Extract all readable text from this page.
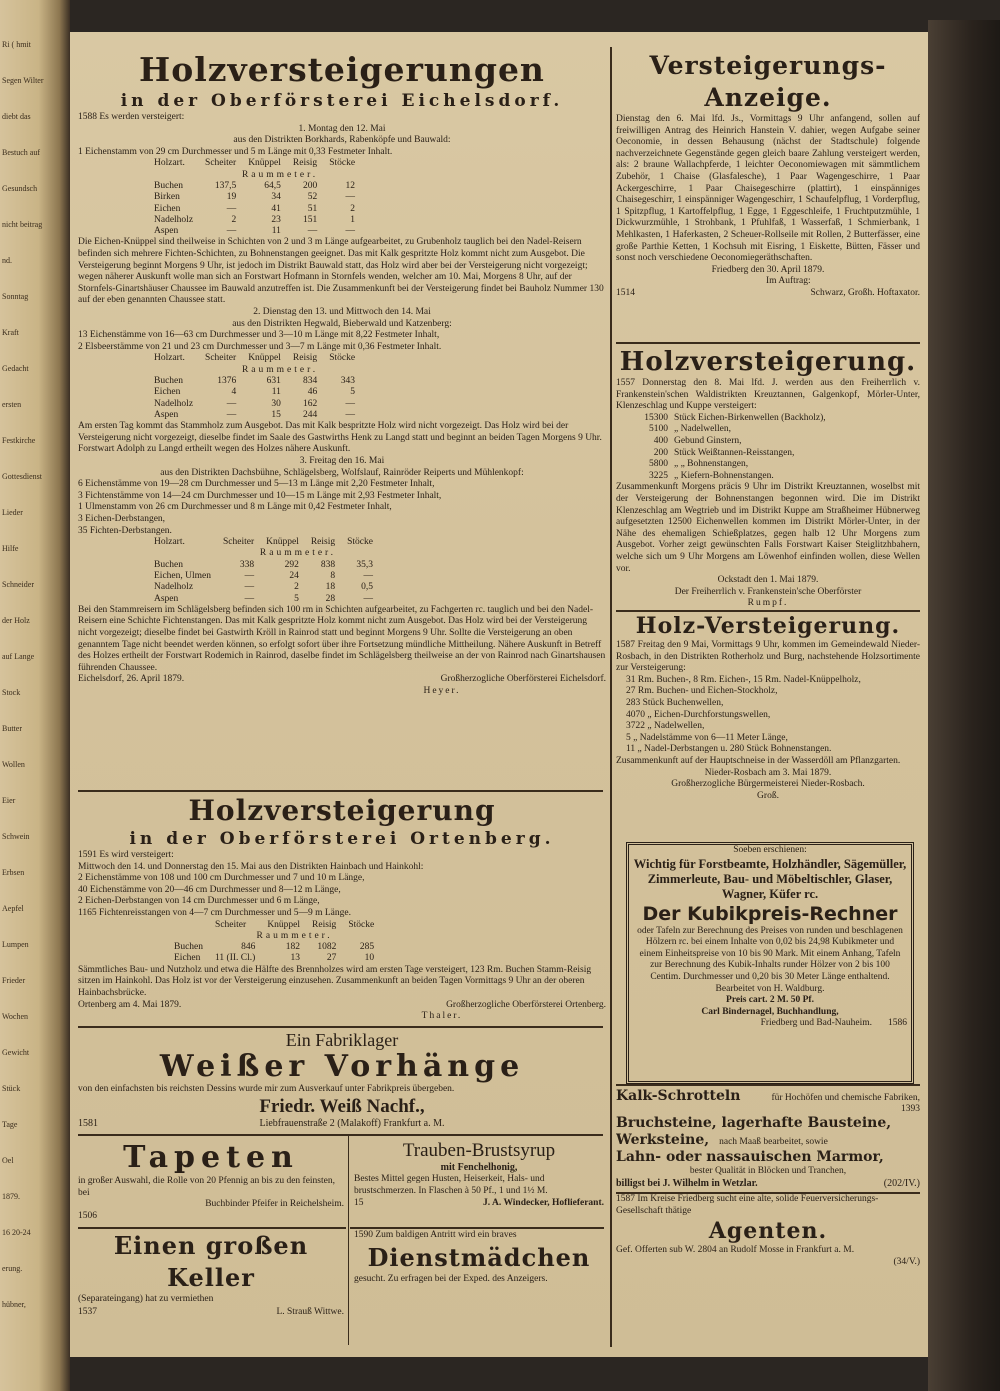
Ri ( hmit
Segen Wilter
diebt das
Bestuch auf
Gesundsch
nicht beitrag
nd.
Sonntag
Kraft
Gedacht
ersten
Festkirche
Gottesdienst
Lieder
Hilfe
Schneider
der Holz
auf Lange
Stock
Butter
Wollen
Eier
Schwein
Erbsen
Aepfel
Lumpen
Frieder
Wochen
Gewicht
Stück
Tage
Oel
1879.
16 20-24
erung.
hübner,
Holzversteigerungen
in der Oberförsterei Eichelsdorf.

1588 Es werden versteigert:

1. Montag den 12. Mai

aus den Distrikten Borkhards, Rabenköpfe und Bauwald:

1 Eichenstamm von 29 cm Durchmesser und 5 m Länge mit 0,33 Festmeter Inhalt.

Holzart.	Scheiter	Knüppel	Reisig	Stöcke
	Raummeter.			
Buchen	137,5	64,5	200	12
Birken	19	34	52	—
Eichen	—	41	51	2
Nadelholz	2	23	151	1
Aspen	—	11	—	—

Die Eichen-Knüppel sind theilweise in Schichten von 2 und 3 m Länge aufgearbeitet, zu Grubenholz tauglich bei den Nadel-Reisern befinden sich mehrere Fichten-Schichten, zu Bohnenstangen geeignet. Das mit Kalk gespritzte Holz kommt nicht zum Ausgebot. Die Versteigerung beginnt Morgens 9 Uhr, ist jedoch im Distrikt Bauwald statt, das Holz wird aber bei der Versteigerung nicht vorgezeigt; wegen näherer Auskunft wolle man sich an Forstwart Hofmann in Stornfels wenden, welcher am 10. Mai, Morgens 8 Uhr, auf der Stornfels-Ginartshäuser Chaussee im Bauwald anzutreffen ist. Die Zusammenkunft bei der Versteigerung findet bei Bauholz Nummer 130 auf der eben genannten Chaussee statt.

2. Dienstag den 13. und Mittwoch den 14. Mai

aus den Distrikten Hegwald, Bieberwald und Katzenberg:

13 Eichenstämme von 16—63 cm Durchmesser und 3—10 m Länge mit 8,22 Festmeter Inhalt,

2 Elsbeerstämme von 21 und 23 cm Durchmesser und 3—7 m Länge mit 0,36 Festmeter Inhalt.

Holzart.	Scheiter	Knüppel	Reisig	Stöcke
	Raummeter.			
Buchen	1376	631	834	343
Eichen	4	11	46	5
Nadelholz	—	30	162	—
Aspen	—	15	244	—

Am ersten Tag kommt das Stammholz zum Ausgebot. Das mit Kalk bespritzte Holz wird nicht vorgezeigt. Das Holz wird bei der Versteigerung nicht vorgezeigt, dieselbe findet im Saale des Gastwirths Henk zu Langd statt und beginnt an beiden Tagen Morgens 9 Uhr. Forstwart Adolph zu Langd ertheilt wegen des Holzes nähere Auskunft.

3. Freitag den 16. Mai

aus den Distrikten Dachsbühne, Schlägelsberg, Wolfslauf, Rainröder Reiperts und Mühlenkopf:

6 Eichenstämme von 19—28 cm Durchmesser und 5—13 m Länge mit 2,20 Festmeter Inhalt,

3 Fichtenstämme von 14—24 cm Durchmesser und 10—15 m Länge mit 2,93 Festmeter Inhalt,

1 Ulmenstamm von 26 cm Durchmesser und 8 m Länge mit 0,42 Festmeter Inhalt,

3 Eichen-Derbstangen,

35 Fichten-Derbstangen.

Holzart.	Scheiter	Knüppel	Reisig	Stöcke
	Raummeter.			
Buchen	338	292	838	35,3
Eichen, Ulmen	—	24	8	—
Nadelholz	—	2	18	0,5
Aspen	—	5	28	—

Bei den Stammreisern im Schlägelsberg befinden sich 100 rm in Schichten aufgearbeitet, zu Fachgerten rc. tauglich und bei den Nadel-Reisern eine Schichte Fichtenstangen. Das mit Kalk gespritzte Holz kommt nicht zum Ausgebot. Das Holz wird bei der Versteigerung nicht vorgezeigt; dieselbe findet bei Gastwirth Kröll in Rainrod statt und beginnt Morgens 9 Uhr. Sollte die Versteigerung an oben genanntem Tage nicht beendet werden können, so erfolgt sofort über ihre Fortsetzung mündliche Mittheilung. Nähere Auskunft in Betreff des Holzes ertheilt der Forstwart Rodemich in Rainrod, daselbe findet im Schlägelsberg theilweise an der von Rainrod nach Ginartshausen führenden Chaussee.

Eichelsdorf, 26. April 1879.	Großherzogliche Oberförsterei Eichelsdorf.

Heyer.

Holzversteigerung
in der Oberförsterei Ortenberg.

1591 Es wird versteigert:

Mittwoch den 14. und Donnerstag den 15. Mai aus den Distrikten Hainbach und Hainkohl:

2 Eichenstämme von 108 und 100 cm Durchmesser und 7 und 10 m Länge,

40 Eichenstämme von 20—46 cm Durchmesser und 8—12 m Länge,

2 Eichen-Derbstangen von 14 cm Durchmesser und 6 m Länge,

1165 Fichtenreisstangen von 4—7 cm Durchmesser und 5—9 m Länge.

	Scheiter	Knüppel	Reisig	Stöcke
	Raummeter.			
Buchen	846	182	1082	285
Eichen	11 (II. Cl.)	13	27	10

Sämmtliches Bau- und Nutzholz und etwa die Hälfte des Brennholzes wird am ersten Tage versteigert, 123 Rm. Buchen Stamm-Reisig sitzen im Hainkohl. Das Holz ist vor der Versteigerung einzusehen. Zusammenkunft an beiden Tagen Vormittags 9 Uhr an der oberen Hainbachsbrücke.

Ortenberg am 4. Mai 1879.	Großherzogliche Oberförsterei Ortenberg.

Thaler.

Ein Fabriklager
Weißer Vorhänge

von den einfachsten bis reichsten Dessins wurde mir zum Ausverkauf unter Fabrikpreis übergeben.

Friedr. Weiß Nachf.,
1581	Liebfrauenstraße 2 (Malakoff) Frankfurt a. M.
Tapeten

in großer Auswahl, die Rolle von 20 Pfennig an bis zu den feinsten, bei

Buchbinder Pfeifer in Reichelsheim.

1506

Einen großen Keller

(Separateingang) hat zu vermiethen

1537	L. Strauß Wittwe.
Trauben-Brustsyrup
mit Fenchelhonig,

Bestes Mittel gegen Husten, Heiserkeit, Hals- und brustschmerzen. In Flaschen à 50 Pf., 1 und 1½ M.

15	J. A. Windecker, Hoflieferant.

1590 Zum baldigen Antritt wird ein braves

Dienstmädchen

gesucht. Zu erfragen bei der Exped. des Anzeigers.

Versteigerungs-Anzeige.

Dienstag den 6. Mai lfd. Js., Vormittags 9 Uhr anfangend, sollen auf freiwilligen Antrag des Heinrich Hanstein V. dahier, wegen Aufgabe seiner Oeconomie, in dessen Behausung (nächst der Stadtschule) folgende nachverzeichnete Gegenstände gegen gleich baare Zahlung versteigert werden, als: 2 braune Wallachpferde, 1 leichter Oeconomiewagen mit sämmtlichem Zubehör, 1 Chaise (Glasfalesche), 1 Paar Wagengeschirre, 1 Paar Ackergeschirre, 1 Paar Chaisegeschirre (plattirt), 1 einspänniges Chaisegeschirr, 1 einspänniger Wagengeschirr, 1 Schaufelpflug, 1 Vorderpflug, 1 Spitzpflug, 1 Kartoffelpflug, 1 Egge, 1 Eggeschleife, 1 Fruchtputzmühle, 1 Dickwurzmühle, 1 Strohbank, 1 Pfuhlfaß, 1 Wasserfaß, 1 Schmierbank, 1 Mehlkasten, 1 Haferkasten, 2 Scheuer-Rollseile mit Rollen, 2 Butterfässer, eine große Parthie Ketten, 1 Kochsuh mit Eisring, 1 Eiskette, Bütten, Fässer und sonst noch verschiedene Oeconomiegeräthschaften.

Friedberg den 30. April 1879.

Im Auftrag:

1514	Schwarz, Großh. Hoftaxator.
Holzversteigerung.

1557 Donnerstag den 8. Mai lfd. J. werden aus den Freiherrlich v. Frankenstein'schen Waldistrikten Kreuztannen, Galgenkopf, Mörler-Unter, Klenzeschlag und Kuppe versteigert:

15300 Stück Eichen-Birkenwellen (Backholz),
5100 „ Nadelwellen,
400 Gebund Ginstern,
200 Stück Weißtannen-Reisstangen,
5800 „ „ Bohnenstangen,
3225 „ Kiefern-Bohnenstangen.

Zusammenkunft Morgens präcis 9 Uhr im Distrikt Kreuztannen, woselbst mit der Versteigerung der Bohnenstangen begonnen wird. Die im Distrikt Klenzeschlag am Wegtrieb und im Distrikt Kuppe am Straßheimer Hübnerweg aufgesetzten 12500 Eichenwellen kommen im Distrikt Mörler-Unter, in der Nähe des ehemaligen Schießplatzes, gegen halb 12 Uhr Morgens zum Ausgebot. Vorher zeigt gewünschten Falls Forstwart Kaiser Steiglitzhbahern, welche sich um 9 Uhr Morgens am Löwenhof einfinden wollen, diese Wellen vor.

Ockstadt den 1. Mai 1879.

Der Freiherrlich v. Frankenstein'sche Oberförster

Rumpf.

Holz-Versteigerung.

1587 Freitag den 9 Mai, Vormittags 9 Uhr, kommen im Gemeindewald Nieder-Rosbach, in den Distrikten Rotherholz und Burg, nachstehende Holzsortimente zur Versteigerung:

31 Rm. Buchen-, 8 Rm. Eichen-, 15 Rm. Nadel-Knüppelholz,

27 Rm. Buchen- und Eichen-Stockholz,

283 Stück Buchenwellen,

4070 „ Eichen-Durchforstungswellen,

3722 „ Nadelwellen,

5 „ Nadelstämme von 6—11 Meter Länge,

11 „ Nadel-Derbstangen u. 280 Stück Bohnenstangen.

Zusammenkunft auf der Hauptschneise in der Wasserdöll am Pflanzgarten.

Nieder-Rosbach am 3. Mai 1879.

Großherzogliche Bürgermeisterei Nieder-Rosbach.

Groß.

Soeben erschienen:

Wichtig für Forstbeamte, Holzhändler, Sägemüller, Zimmerleute, Bau- und Möbeltischler, Glaser, Wagner, Küfer rc.
Der Kubikpreis-Rechner

oder Tafeln zur Berechnung des Preises von runden und beschlagenen Hölzern rc. bei einem Inhalte von 0,02 bis 24,98 Kubikmeter und einem Einheitspreise von 10 bis 90 Mark. Mit einem Anhang, Tafeln zur Berechnung des Kubik-Inhalts runder Hölzer von 2 bis 100 Centim. Durchmesser und 0,20 bis 30 Meter Länge enthaltend.

Bearbeitet von H. Waldburg.

Preis cart. 2 M. 50 Pf.

Carl Bindernagel, Buchhandlung,

Friedberg und Bad-Nauheim. 1586
Kalk-Schrotteln	für Hochöfen und chemische Fabriken,
1393
Bruchsteine, lagerhafte Bausteine,
Werksteine, nach Maaß bearbeitet, sowie
Lahn- oder nassauischen Marmor,

bester Qualität in Blöcken und Tranchen,

billigst bei J. Wilhelm in Wetzlar.	(202/IV.)

1587 Im Kreise Friedberg sucht eine alte, solide Feuerversicherungs-Gesellschaft thätige

Agenten.

Gef. Offerten sub W. 2804 an Rudolf Mosse in Frankfurt a. M.

(34/V.)
